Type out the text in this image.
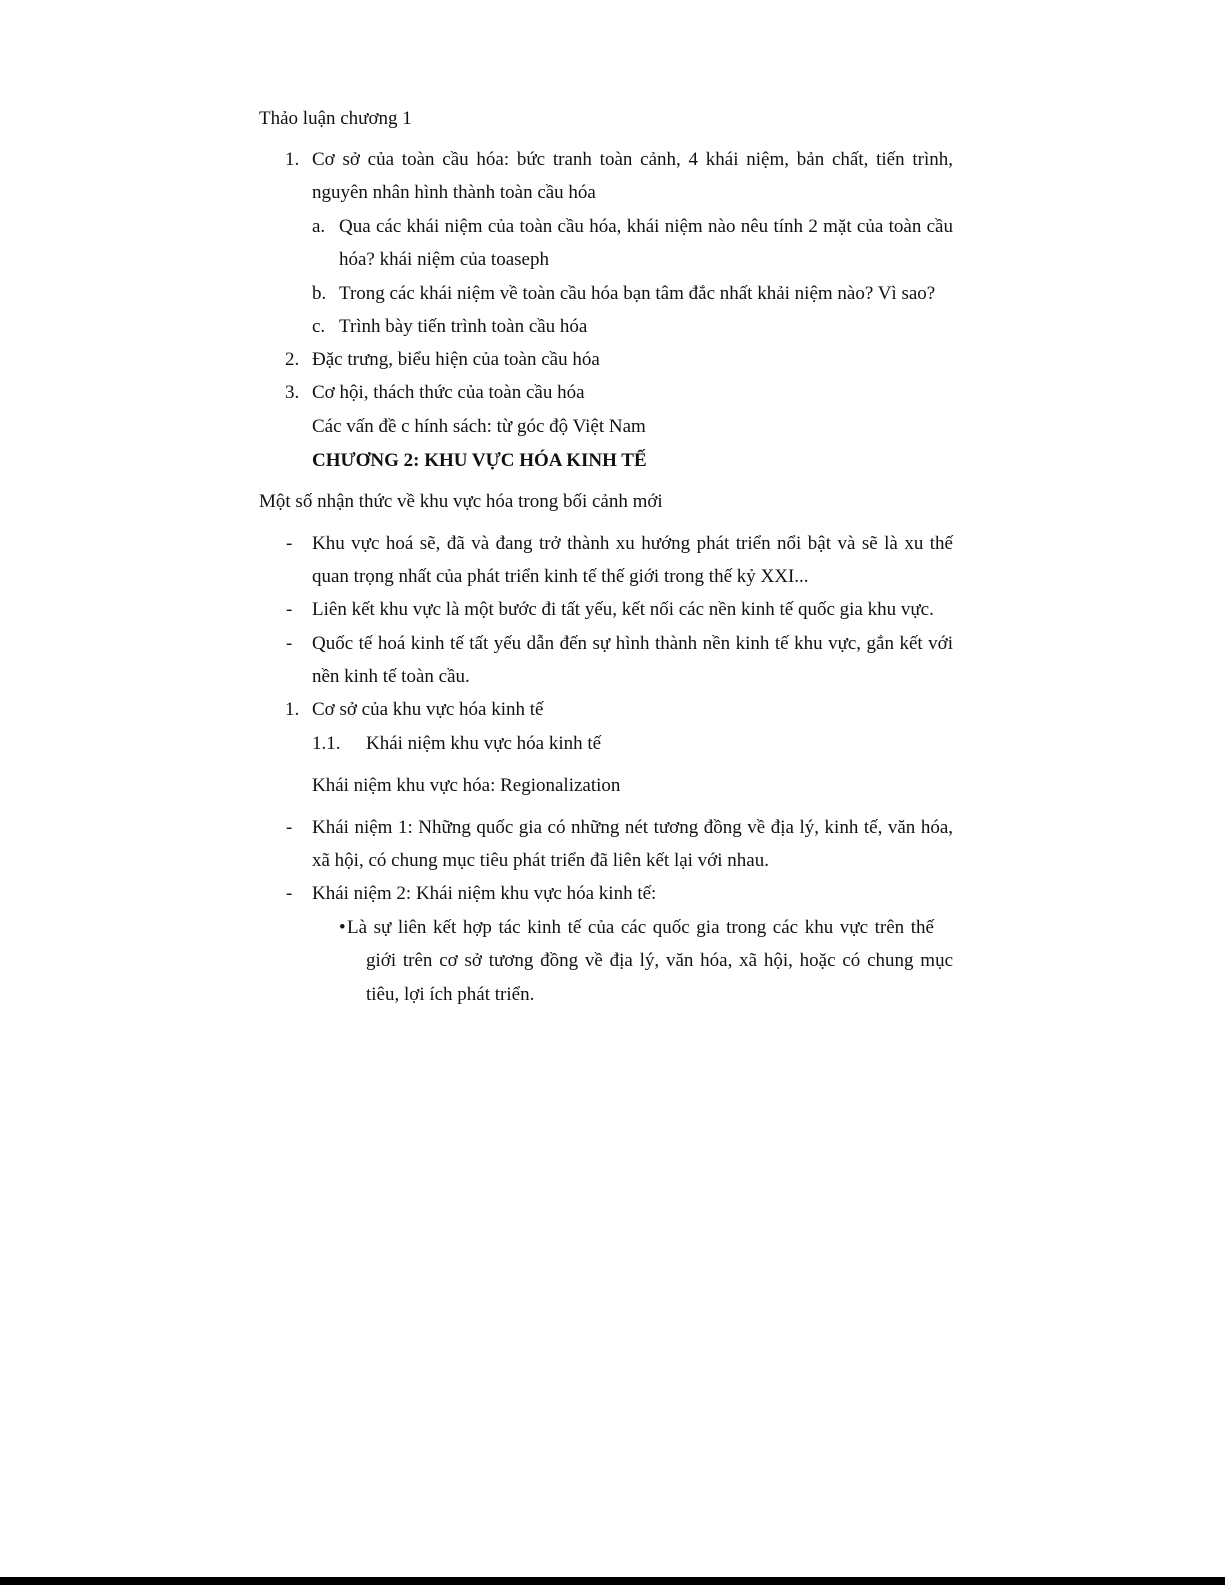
Thảo luận chương 1
1. Cơ sở của toàn cầu hóa: bức tranh toàn cảnh, 4 khái niệm, bản chất, tiến trình,
nguyên nhân hình thành toàn cầu hóa
a. Qua các khái niệm của toàn cầu hóa, khái niệm nào nêu tính 2 mặt của toàn cầu
hóa? khái niệm của toaseph
b. Trong các khái niệm về toàn cầu hóa bạn tâm đắc nhất khải niệm nào? Vì sao?
c. Trình bày tiến trình toàn cầu hóa
2. Đặc trưng, biểu hiện của toàn cầu hóa
3. Cơ hội, thách thức của toàn cầu hóa
Các vấn đề c hính sách: từ góc độ Việt Nam
CHƯƠNG 2: KHU VỰC HÓA KINH TẾ
Một số nhận thức về khu vực hóa trong bối cảnh mới
- Khu vực hoá sẽ, đã và đang trở thành xu hướng phát triển nổi bật và sẽ là xu thế
quan trọng nhất của phát triển kinh tế thế giới trong thế kỷ XXI...
- Liên kết khu vực là một bước đi tất yếu, kết nối các nền kinh tế quốc gia khu vực.
- Quốc tế hoá kinh tế tất yếu dẫn đến sự hình thành nền kinh tế khu vực, gắn kết với
nền kinh tế toàn cầu.
1. Cơ sở của khu vực hóa kinh tế
1.1. Khái niệm khu vực hóa kinh tế
Khái niệm khu vực hóa: Regionalization
- Khái niệm 1: Những quốc gia có những nét tương đồng về địa lý, kinh tế, văn hóa,
xã hội, có chung mục tiêu phát triển đã liên kết lại với nhau.
- Khái niệm 2: Khái niệm khu vực hóa kinh tế:
• Là sự liên kết hợp tác kinh tế của các quốc gia trong các khu vực trên thế
giới trên cơ sở tương đồng về địa lý, văn hóa, xã hội, hoặc có chung mục
tiêu, lợi ích phát triển.
